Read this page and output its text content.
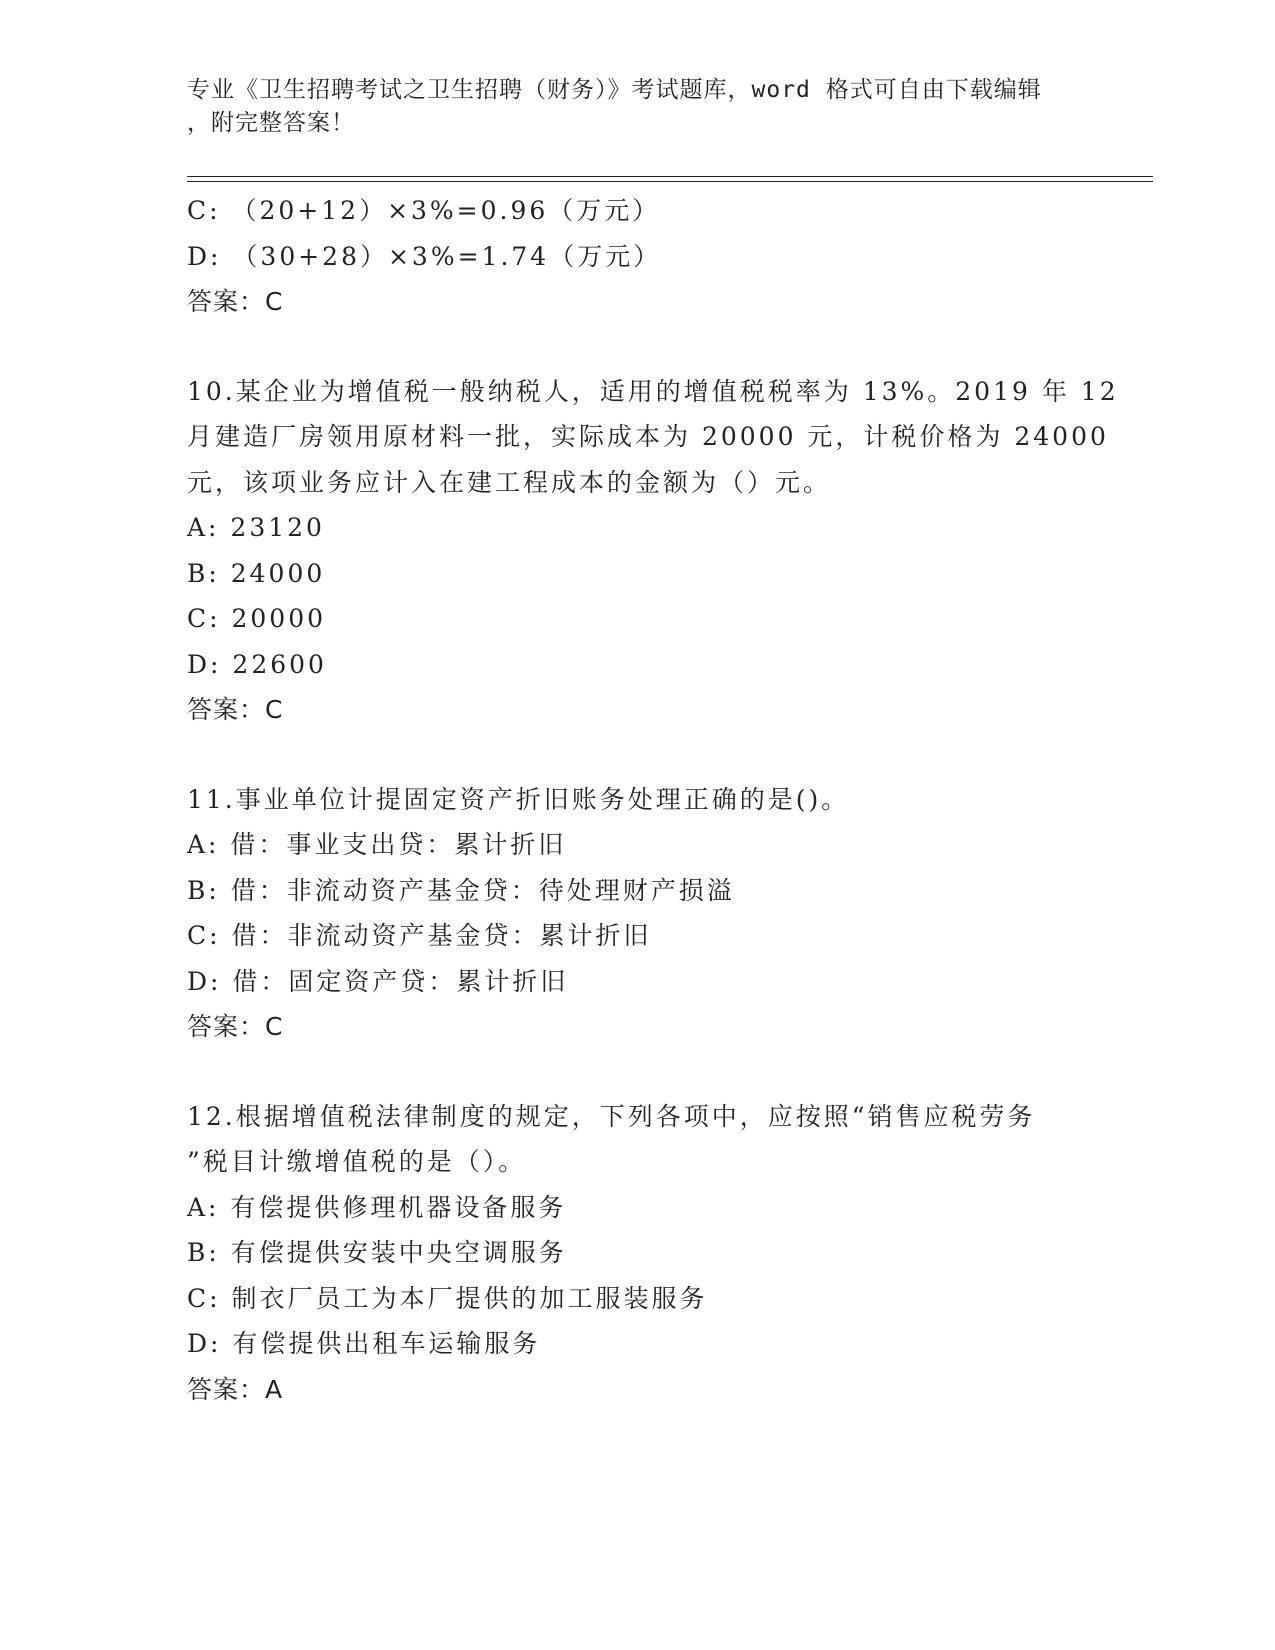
专业《卫生招聘考试之卫生招聘（财务）》考试题库，word 格式可自由下载编辑
，附完整答案！
C: （20+12）×3%=0.96（万元）
D: （30+28）×3%=1.74（万元）
答案：C
10.某企业为增值税一般纳税人，适用的增值税税率为 13%。2019 年 12
月建造厂房领用原材料一批，实际成本为 20000 元，计税价格为 24000
元，该项业务应计入在建工程成本的金额为（）元。
A: 23120
B: 24000
C: 20000
D: 22600
答案：C
11.事业单位计提固定资产折旧账务处理正确的是()。
A: 借：事业支出贷：累计折旧
B: 借：非流动资产基金贷：待处理财产损溢
C: 借：非流动资产基金贷：累计折旧
D: 借：固定资产贷：累计折旧
答案：C
12.根据增值税法律制度的规定，下列各项中，应按照“销售应税劳务
”税目计缴增值税的是（）。
A: 有偿提供修理机器设备服务
B: 有偿提供安装中央空调服务
C: 制衣厂员工为本厂提供的加工服装服务
D: 有偿提供出租车运输服务
答案：A
